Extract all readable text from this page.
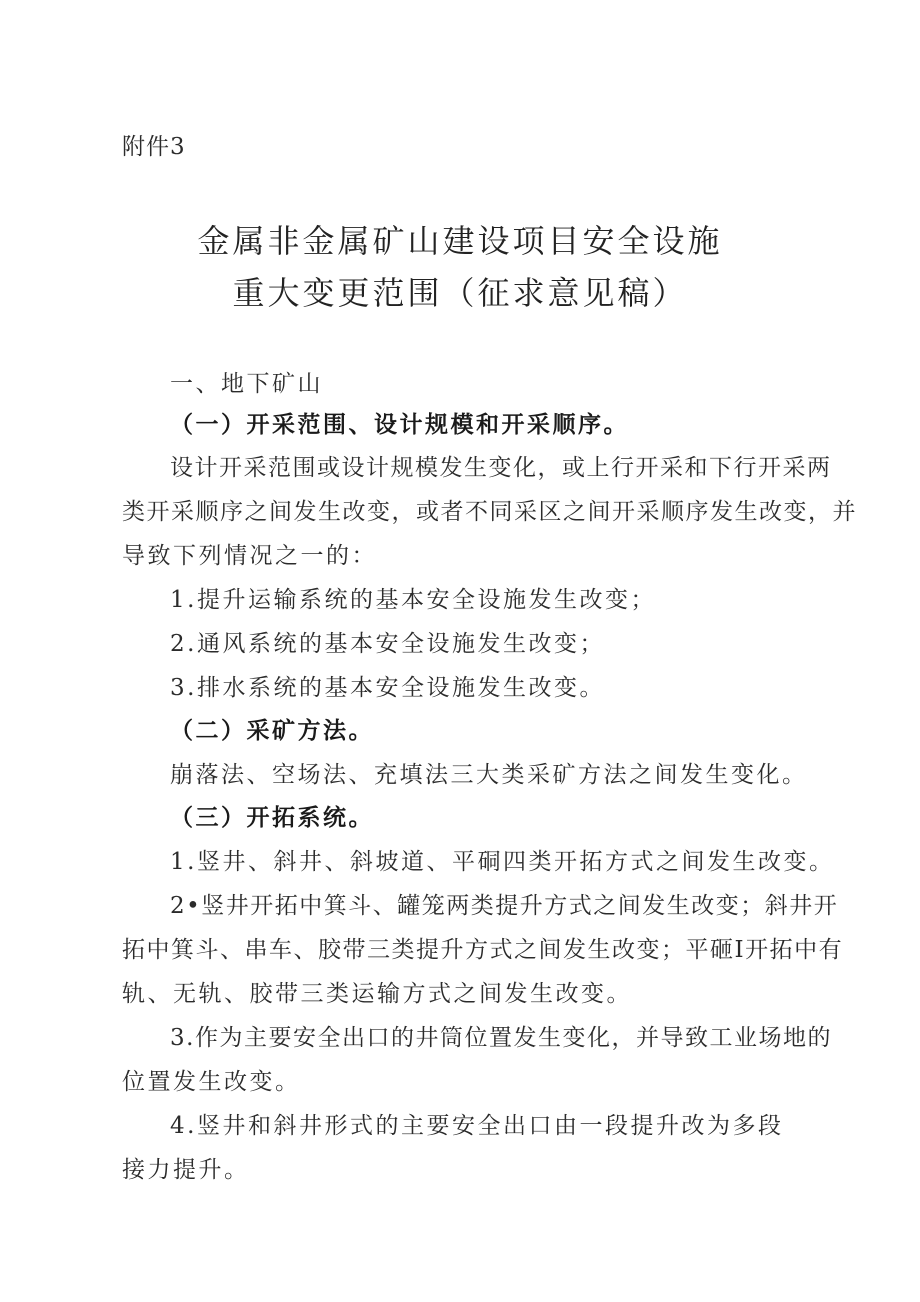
附件3
金属非金属矿山建设项目安全设施
重大变更范围（征求意见稿）
一、地下矿山
（一）开采范围、设计规模和开采顺序。
设计开采范围或设计规模发生变化，或上行开采和下行开采两
类开采顺序之间发生改变，或者不同采区之间开采顺序发生改变，并
导致下列情况之一的：
1.提升运输系统的基本安全设施发生改变；
2.通风系统的基本安全设施发生改变；
3.排水系统的基本安全设施发生改变。
（二）采矿方法。
崩落法、空场法、充填法三大类采矿方法之间发生变化。
（三）开拓系统。
1.竖井、斜井、斜坡道、平硐四类开拓方式之间发生改变。
2•竖井开拓中箕斗、罐笼两类提升方式之间发生改变；斜井开
拓中箕斗、串车、胶带三类提升方式之间发生改变；平砸I开拓中有
轨、无轨、胶带三类运输方式之间发生改变。
3.作为主要安全出口的井筒位置发生变化，并导致工业场地的
位置发生改变。
4.竖井和斜井形式的主要安全出口由一段提升改为多段
接力提升。
